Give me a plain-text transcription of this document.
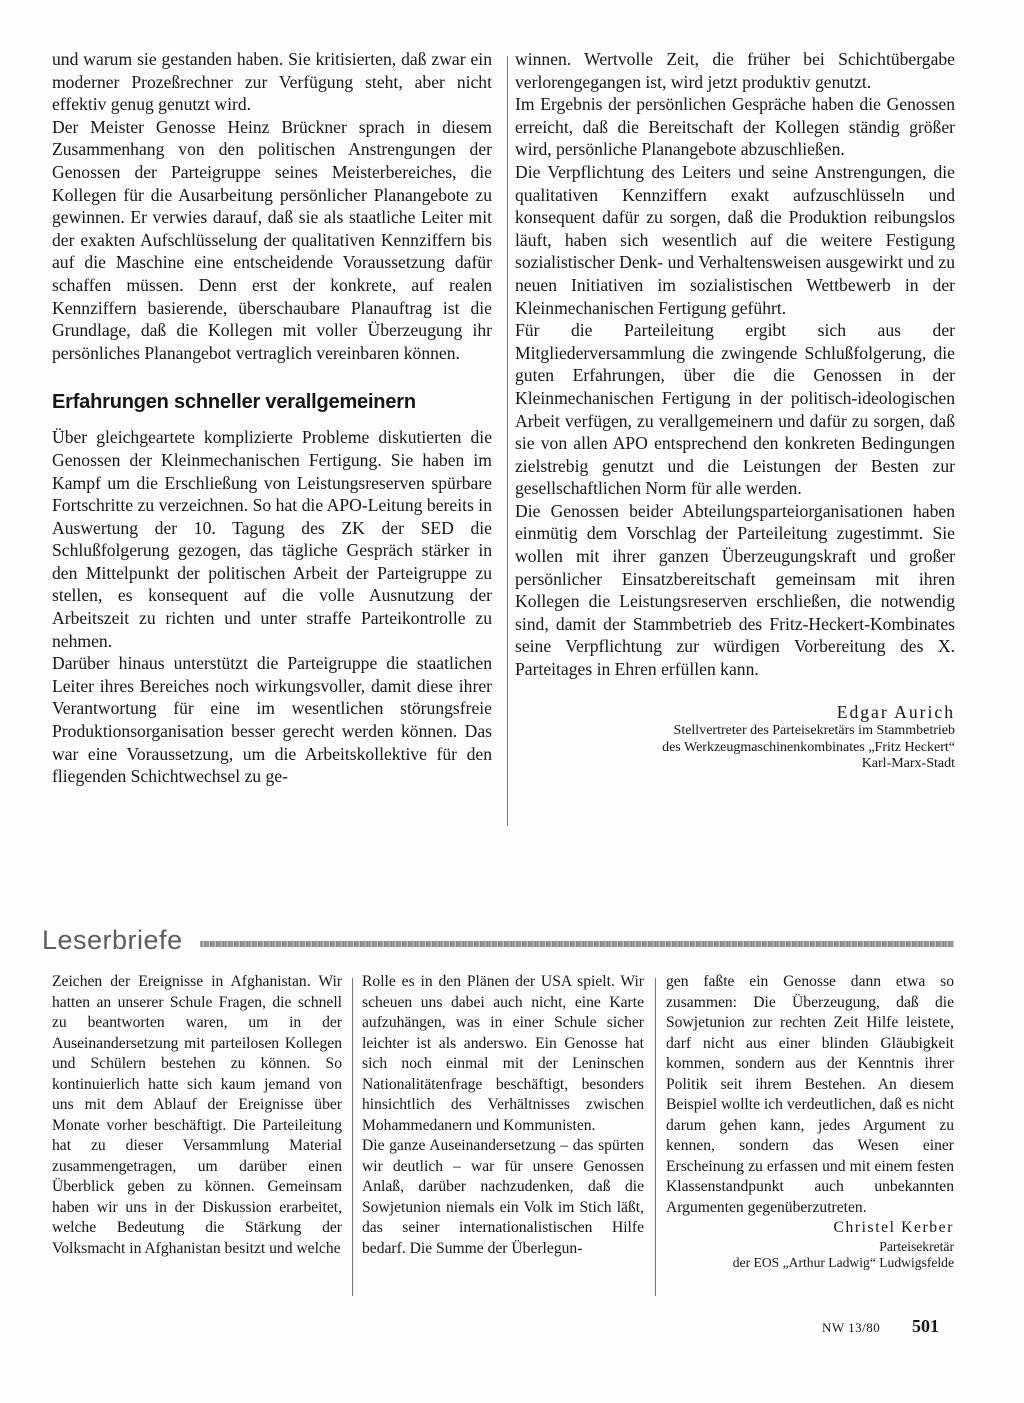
und warum sie gestanden haben. Sie kritisierten, daß zwar ein moderner Prozeßrechner zur Verfügung steht, aber nicht effektiv genug genutzt wird.

Der Meister Genosse Heinz Brückner sprach in diesem Zusammenhang von den politischen Anstrengungen der Genossen der Parteigruppe seines Meisterbereiches, die Kollegen für die Ausarbeitung persönlicher Planangebote zu gewinnen. Er verwies darauf, daß sie als staatliche Leiter mit der exakten Aufschlüsselung der qualitativen Kennziffern bis auf die Maschine eine entscheidende Voraussetzung dafür schaffen müssen. Denn erst der konkrete, auf realen Kennziffern basierende, überschaubare Planauftrag ist die Grundlage, daß die Kollegen mit voller Überzeugung ihr persönliches Planangebot vertraglich vereinbaren können.

Erfahrungen schneller verallgemeinern

Über gleichgeartete komplizierte Probleme diskutierten die Genossen der Kleinmechanischen Fertigung. Sie haben im Kampf um die Erschließung von Leistungsreserven spürbare Fortschritte zu verzeichnen. So hat die APO-Leitung bereits in Auswertung der 10. Tagung des ZK der SED die Schlußfolgerung gezogen, das tägliche Gespräch stärker in den Mittelpunkt der politischen Arbeit der Parteigruppe zu stellen, es konsequent auf die volle Ausnutzung der Arbeitszeit zu richten und unter straffe Parteikontrolle zu nehmen.

Darüber hinaus unterstützt die Parteigruppe die staatlichen Leiter ihres Bereiches noch wirkungsvoller, damit diese ihrer Verantwortung für eine im wesentlichen störungsfreie Produktionsorganisation besser gerecht werden können. Das war eine Voraussetzung, um die Arbeitskollektive für den fliegenden Schichtwechsel zu ge-

winnen. Wertvolle Zeit, die früher bei Schichtübergabe verlorengegangen ist, wird jetzt produktiv genutzt.

Im Ergebnis der persönlichen Gespräche haben die Genossen erreicht, daß die Bereitschaft der Kollegen ständig größer wird, persönliche Planangebote abzuschließen.

Die Verpflichtung des Leiters und seine Anstrengungen, die qualitativen Kennziffern exakt aufzuschlüsseln und konsequent dafür zu sorgen, daß die Produktion reibungslos läuft, haben sich wesentlich auf die weitere Festigung sozialistischer Denk- und Verhaltensweisen ausgewirkt und zu neuen Initiativen im sozialistischen Wettbewerb in der Kleinmechanischen Fertigung geführt.

Für die Parteileitung ergibt sich aus der Mitgliederversammlung die zwingende Schlußfolgerung, die guten Erfahrungen, über die die Genossen in der Kleinmechanischen Fertigung in der politisch-ideologischen Arbeit verfügen, zu verallgemeinern und dafür zu sorgen, daß sie von allen APO entsprechend den konkreten Bedingungen zielstrebig genutzt und die Leistungen der Besten zur gesellschaftlichen Norm für alle werden.

Die Genossen beider Abteilungsparteiorganisationen haben einmütig dem Vorschlag der Parteileitung zugestimmt. Sie wollen mit ihrer ganzen Überzeugungskraft und großer persönlicher Einsatzbereitschaft gemeinsam mit ihren Kollegen die Leistungsreserven erschließen, die notwendig sind, damit der Stammbetrieb des Fritz-Heckert-Kombinates seine Verpflichtung zur würdigen Vorbereitung des X. Parteitages in Ehren erfüllen kann.

Edgar Aurich

Stellvertreter des Parteisekretärs im Stammbetrieb
des Werkzeugmaschinenkombinates „Fritz Heckert“
Karl-Marx-Stadt
Leserbriefe

Zeichen der Ereignisse in Afghanistan. Wir hatten an unserer Schule Fragen, die schnell zu beantworten waren, um in der Auseinandersetzung mit parteilosen Kollegen und Schülern bestehen zu können. So kontinuierlich hatte sich kaum jemand von uns mit dem Ablauf der Ereignisse über Monate vorher beschäftigt. Die Parteileitung hat zu dieser Versammlung Material zusammengetragen, um darüber einen Überblick geben zu können. Gemeinsam haben wir uns in der Diskussion erarbeitet, welche Bedeutung die Stärkung der Volksmacht in Afghanistan besitzt und welche

Rolle es in den Plänen der USA spielt. Wir scheuen uns dabei auch nicht, eine Karte aufzuhängen, was in einer Schule sicher leichter ist als anderswo. Ein Genosse hat sich noch einmal mit der Leninschen Nationalitätenfrage beschäftigt, besonders hinsichtlich des Verhältnisses zwischen Mohammedanern und Kommunisten.

Die ganze Auseinandersetzung – das spürten wir deutlich – war für unsere Genossen Anlaß, darüber nachzudenken, daß die Sowjetunion niemals ein Volk im Stich läßt, das seiner internationalistischen Hilfe bedarf. Die Summe der Überlegun-

gen faßte ein Genosse dann etwa so zusammen: Die Überzeugung, daß die Sowjetunion zur rechten Zeit Hilfe leistete, darf nicht aus einer blinden Gläubigkeit kommen, sondern aus der Kenntnis ihrer Politik seit ihrem Bestehen. An diesem Beispiel wollte ich verdeutlichen, daß es nicht darum gehen kann, jedes Argument zu kennen, sondern das Wesen einer Erscheinung zu erfassen und mit einem festen Klassenstandpunkt auch unbekannten Argumenten gegenüberzutreten.

Christel Kerber

Parteisekretär
der EOS „Arthur Ladwig“ Ludwigsfelde
NW 13/80 501
